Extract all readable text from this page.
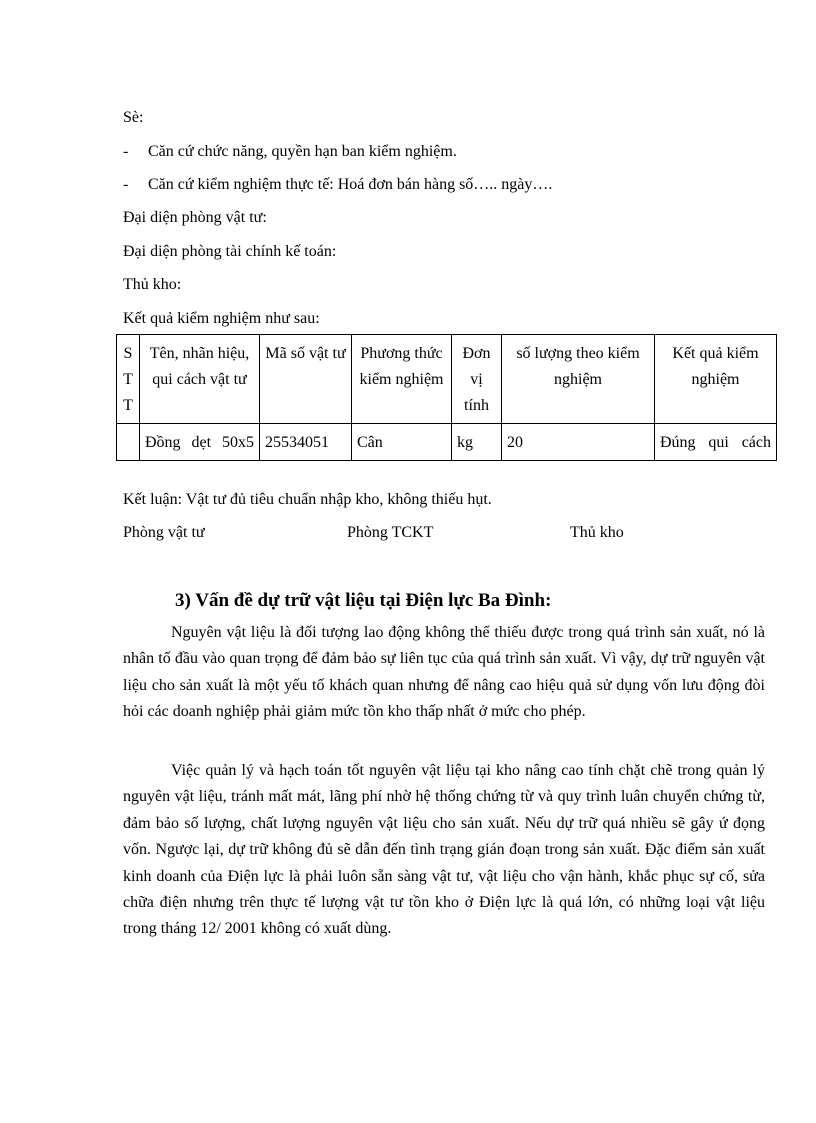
Sè:
- Căn cứ chức năng, quyền hạn ban kiểm nghiệm.
- Căn cứ kiểm nghiệm thực tế: Hoá đơn bán hàng số….. ngày….
Đại diện phòng vật tư:
Đại diện phòng tài chính kế toán:
Thủ kho:
Kết quả kiểm nghiệm như sau:
S T T	Tên, nhãn hiệu, qui cách vật tư	Mã số vật tư	Phương thức kiểm nghiệm	Đơn vị tính	số lượng theo kiểm nghiệm	Kết quả kiểm nghiệm
	Đồng dẹt 50x5	25534051	Cân	kg	20	Đúng qui cách
Kết luận: Vật tư đủ tiêu chuẩn nhập kho, không thiếu hụt.
Phòng vật tư	Phòng TCKT	Thủ kho
3) Vấn đề dự trữ vật liệu tại Điện lực Ba Đình:

Nguyên vật liệu là đối tượng lao động không thể thiếu được trong quá trình sản xuất, nó là nhân tố đầu vào quan trọng để đảm bảo sự liên tục của quá trình sản xuất. Vì vậy, dự trữ nguyên vật liệu cho sản xuất là một yếu tố khách quan nhưng để nâng cao hiệu quả sử dụng vốn lưu động đòi hỏi các doanh nghiệp phải giảm mức tồn kho thấp nhất ở mức cho phép.

Việc quản lý và hạch toán tốt nguyên vật liệu tại kho nâng cao tính chặt chẽ trong quản lý nguyên vật liệu, tránh mất mát, lãng phí nhờ hệ thống chứng từ và quy trình luân chuyển chứng từ, đảm bảo số lượng, chất lượng nguyên vật liệu cho sản xuất. Nếu dự trữ quá nhiều sẽ gây ứ đọng vốn. Ngược lại, dự trữ không đủ sẽ dẫn đến tình trạng gián đoạn trong sản xuất. Đặc điểm sản xuất kinh doanh của Điện lực là phải luôn sẵn sàng vật tư, vật liệu cho vận hành, khắc phục sự cố, sửa chữa điện nhưng trên thực tế lượng vật tư tồn kho ở Điện lực là quá lớn, có những loại vật liệu trong tháng 12/ 2001 không có xuất dùng.
